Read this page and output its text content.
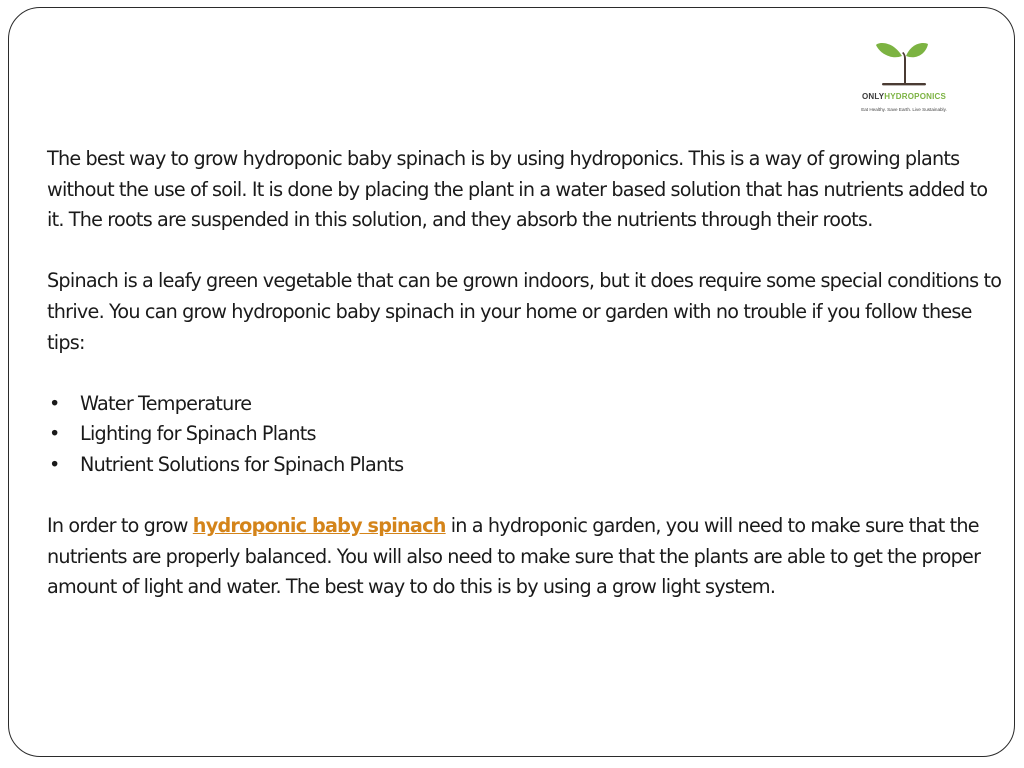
ONLYHYDROPONICS
Eat Healthy. Save Earth. Live Sustainably.

The best way to grow hydroponic baby spinach is by using hydroponics. This is a way of growing plants without the use of soil. It is done by placing the plant in a water based solution that has nutrients added to it. The roots are suspended in this solution, and they absorb the nutrients through their roots.

Spinach is a leafy green vegetable that can be grown indoors, but it does require some special conditions to thrive. You can grow hydroponic baby spinach in your home or garden with no trouble if you follow these tips:

• Water Temperature
• Lighting for Spinach Plants
• Nutrient Solutions for Spinach Plants

In order to grow hydroponic baby spinach in a hydroponic garden, you will need to make sure that the nutrients are properly balanced. You will also need to make sure that the plants are able to get the proper amount of light and water. The best way to do this is by using a grow light system.
